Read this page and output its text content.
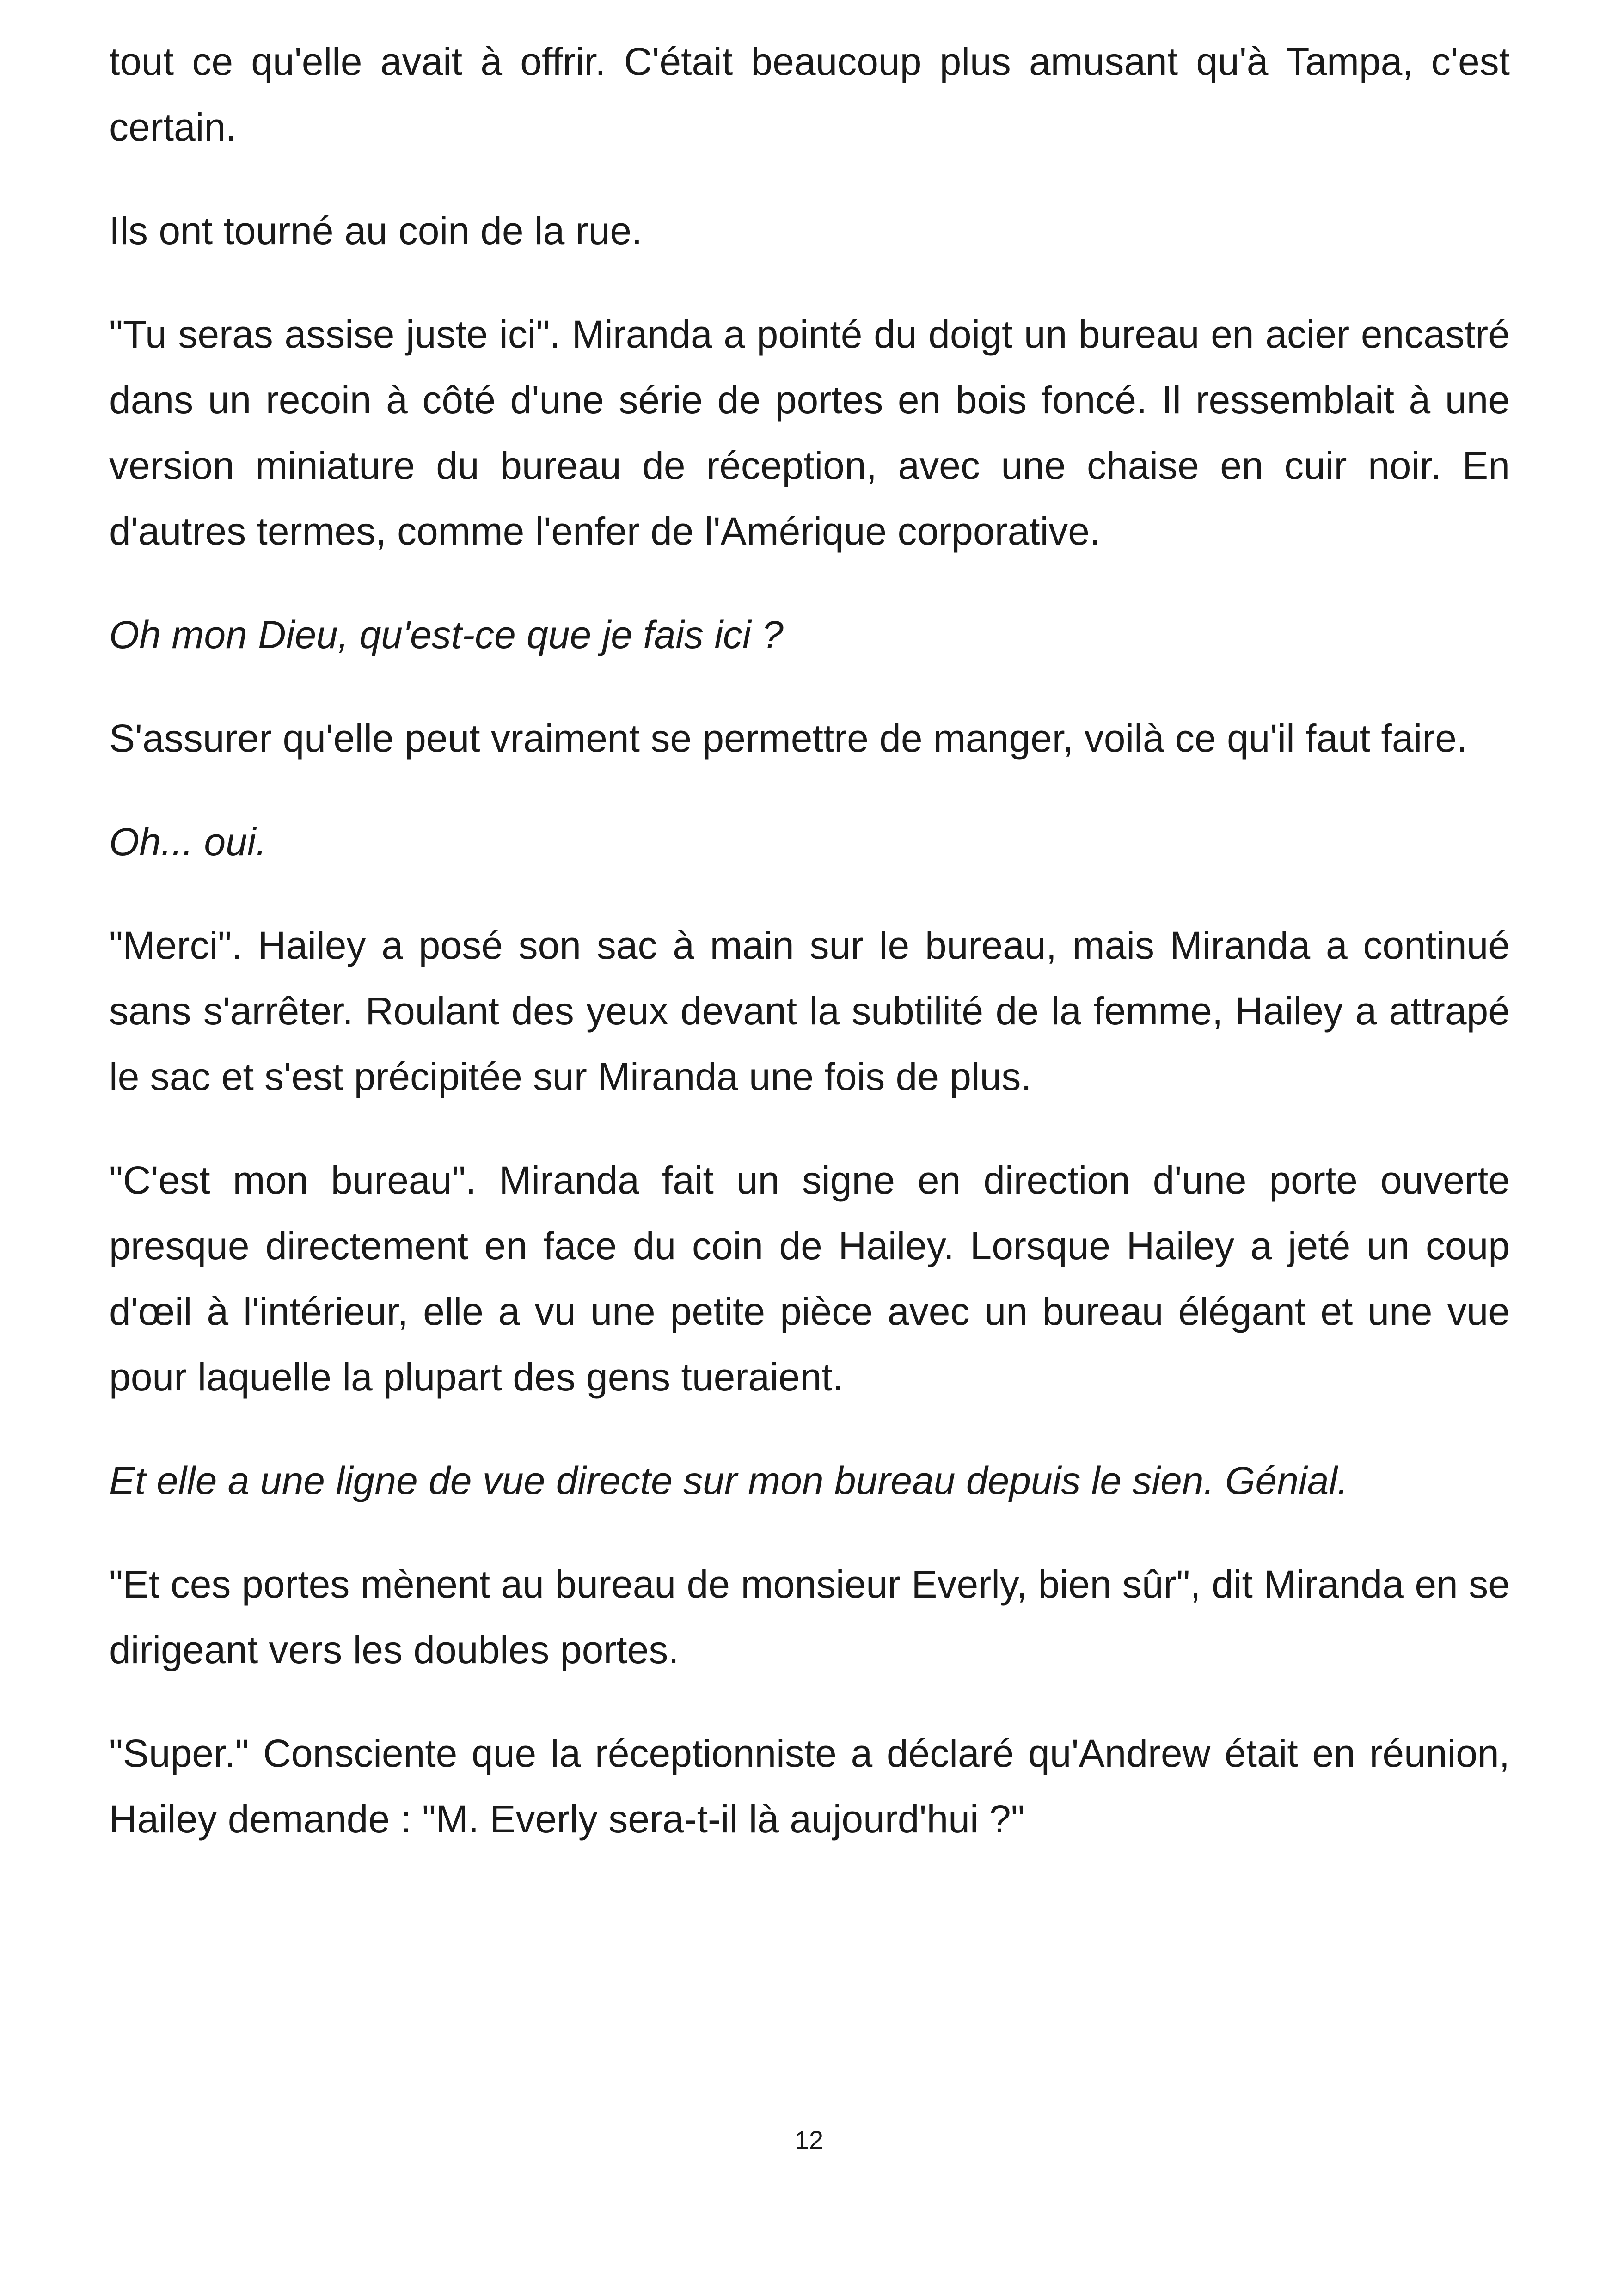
tout ce qu'elle avait à offrir. C'était beaucoup plus amusant qu'à Tampa, c'est certain.

Ils ont tourné au coin de la rue.

"Tu seras assise juste ici". Miranda a pointé du doigt un bureau en acier encastré dans un recoin à côté d'une série de portes en bois foncé. Il ressemblait à une version miniature du bureau de réception, avec une chaise en cuir noir. En d'autres termes, comme l'enfer de l'Amérique corporative.

Oh mon Dieu, qu'est-ce que je fais ici ?

S'assurer qu'elle peut vraiment se permettre de manger, voilà ce qu'il faut faire.

Oh... oui.

"Merci". Hailey a posé son sac à main sur le bureau, mais Miranda a continué sans s'arrêter. Roulant des yeux devant la subtilité de la femme, Hailey a attrapé le sac et s'est précipitée sur Miranda une fois de plus.

"C'est mon bureau". Miranda fait un signe en direction d'une porte ouverte presque directement en face du coin de Hailey. Lorsque Hailey a jeté un coup d'œil à l'intérieur, elle a vu une petite pièce avec un bureau élégant et une vue pour laquelle la plupart des gens tueraient.

Et elle a une ligne de vue directe sur mon bureau depuis le sien. Génial.

"Et ces portes mènent au bureau de monsieur Everly, bien sûr", dit Miranda en se dirigeant vers les doubles portes.

"Super." Consciente que la réceptionniste a déclaré qu'Andrew était en réunion, Hailey demande : "M. Everly sera-t-il là aujourd'hui ?"

12
